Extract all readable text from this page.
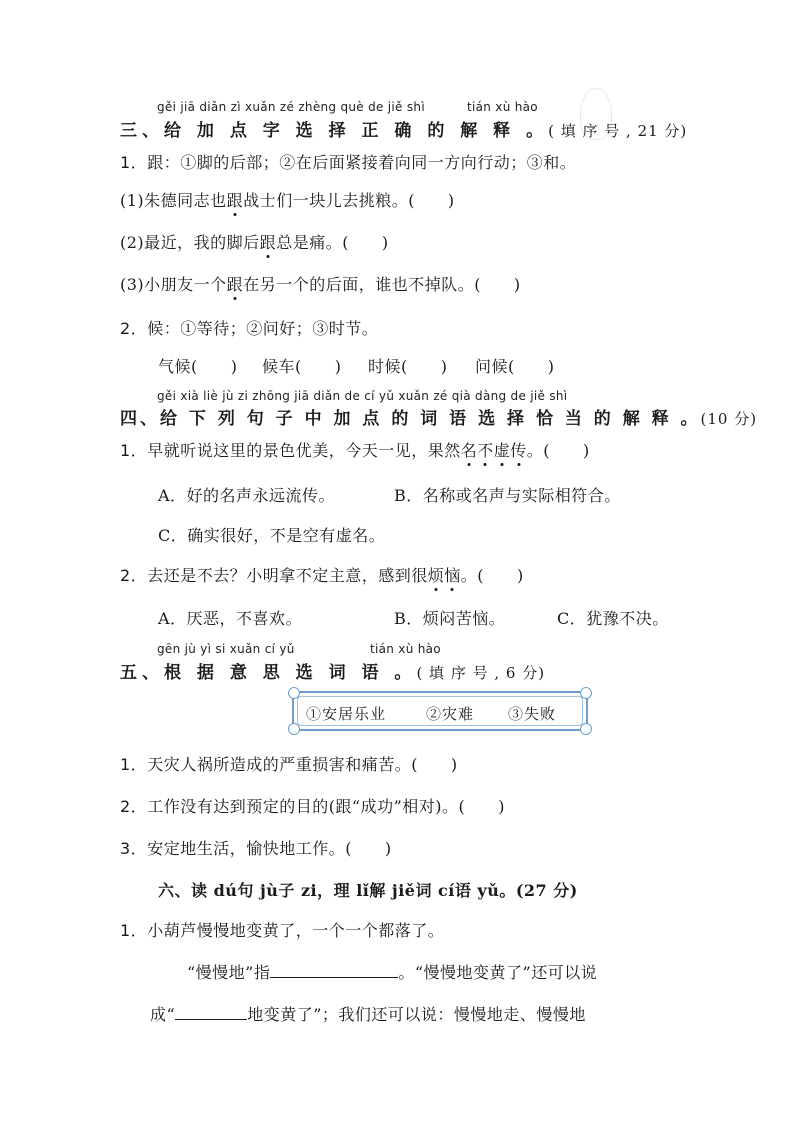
gěi jiā diǎn zì xuǎn zé zhèng què de jiě shì	tián xù hào
三、给 加 点 字 选 择 正 确 的 解 释 。( 填 序 号 , 21 分)
1．跟：①脚的后部；②在后面紧接着向同一方向行动；③和。
(1)朱德同志也跟战士们一块儿去挑粮。(　　)
(2)最近，我的脚后跟总是痛。(　　)
(3)小朋友一个跟在另一个的后面，谁也不掉队。(　　)
2．候：①等待；②问好；③时节。
气候(　　) 候车(　　) 时候(　　) 问候(　　)
gěi xià liè jù zi zhōng jiā diǎn de cí yǔ xuǎn zé qià dàng de jiě shì
四、给 下 列 句 子 中 加 点 的 词 语 选 择 恰 当 的 解 释 。(10 分)
1．早就听说这里的景色优美，今天一见，果然名不虚传。(　　)
A．好的名声永远流传。	B．名称或名声与实际相符合。
C．确实很好，不是空有虚名。
2．去还是不去？小明拿不定主意，感到很烦恼。(　　)
A．厌恶，不喜欢。	B．烦闷苦恼。	C．犹豫不决。
gēn jù yì si xuǎn cí yǔ	tián xù hào
五、根 据 意 思 选 词 语 。( 填 序 号 , 6 分)
①安居乐业	②灾难 ③失败
1．天灾人祸所造成的严重损害和痛苦。(　　)
2．工作没有达到预定的目的(跟“成功”相对)。(　　)
3．安定地生活，愉快地工作。(　　)
六、读 dú句 jù子 zi，理 lǐ解 jiě词 cí语 yǔ。(27 分)
1．小葫芦慢慢地变黄了，一个一个都落了。
“慢慢地”指	。“慢慢地变黄了”还可以说
成“	地变黄了”；我们还可以说：慢慢地走、慢慢地
